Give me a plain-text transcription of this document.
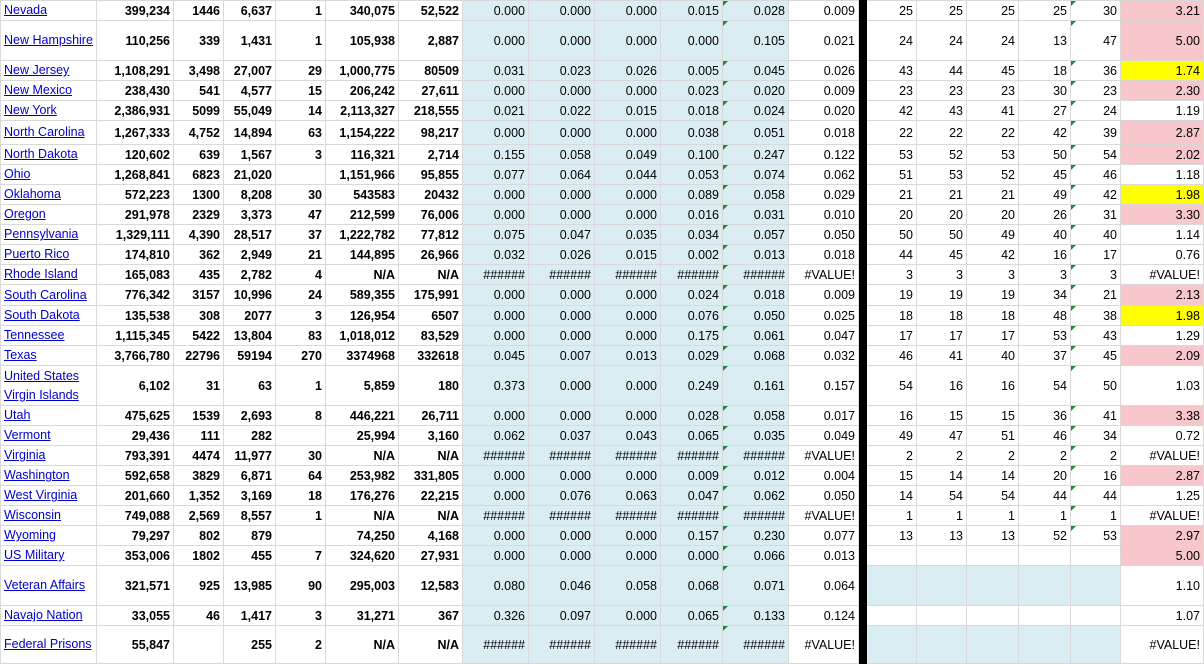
Nevada	399,234	1446	6,637	1	340,075	52,522	0.000	0.000	0.000	0.015	0.028	0.009		25	25	25	25	30	3.21
New Hampshire	110,256	339	1,431	1	105,938	2,887	0.000	0.000	0.000	0.000	0.105	0.021		24	24	24	13	47	5.00
New Jersey	1,108,291	3,498	27,007	29	1,000,775	80509	0.031	0.023	0.026	0.005	0.045	0.026		43	44	45	18	36	1.74
New Mexico	238,430	541	4,577	15	206,242	27,611	0.000	0.000	0.000	0.023	0.020	0.009		23	23	23	30	23	2.30
New York	2,386,931	5099	55,049	14	2,113,327	218,555	0.021	0.022	0.015	0.018	0.024	0.020		42	43	41	27	24	1.19
North Carolina	1,267,333	4,752	14,894	63	1,154,222	98,217	0.000	0.000	0.000	0.038	0.051	0.018		22	22	22	42	39	2.87
North Dakota	120,602	639	1,567	3	116,321	2,714	0.155	0.058	0.049	0.100	0.247	0.122		53	52	53	50	54	2.02
Ohio	1,268,841	6823	21,020		1,151,966	95,855	0.077	0.064	0.044	0.053	0.074	0.062		51	53	52	45	46	1.18
Oklahoma	572,223	1300	8,208	30	543583	20432	0.000	0.000	0.000	0.089	0.058	0.029		21	21	21	49	42	1.98
Oregon	291,978	2329	3,373	47	212,599	76,006	0.000	0.000	0.000	0.016	0.031	0.010		20	20	20	26	31	3.30
Pennsylvania	1,329,111	4,390	28,517	37	1,222,782	77,812	0.075	0.047	0.035	0.034	0.057	0.050		50	50	49	40	40	1.14
Puerto Rico	174,810	362	2,949	21	144,895	26,966	0.032	0.026	0.015	0.002	0.013	0.018		44	45	42	16	17	0.76
Rhode Island	165,083	435	2,782	4	N/A	N/A	######	######	######	######	######	#VALUE!		3	3	3	3	3	#VALUE!
South Carolina	776,342	3157	10,996	24	589,355	175,991	0.000	0.000	0.000	0.024	0.018	0.009		19	19	19	34	21	2.13
South Dakota	135,538	308	2077	3	126,954	6507	0.000	0.000	0.000	0.076	0.050	0.025		18	18	18	48	38	1.98
Tennessee	1,115,345	5422	13,804	83	1,018,012	83,529	0.000	0.000	0.000	0.175	0.061	0.047		17	17	17	53	43	1.29
Texas	3,766,780	22796	59194	270	3374968	332618	0.045	0.007	0.013	0.029	0.068	0.032		46	41	40	37	45	2.09
United States Virgin Islands	6,102	31	63	1	5,859	180	0.373	0.000	0.000	0.249	0.161	0.157		54	16	16	54	50	1.03
Utah	475,625	1539	2,693	8	446,221	26,711	0.000	0.000	0.000	0.028	0.058	0.017		16	15	15	36	41	3.38
Vermont	29,436	111	282		25,994	3,160	0.062	0.037	0.043	0.065	0.035	0.049		49	47	51	46	34	0.72
Virginia	793,391	4474	11,977	30	N/A	N/A	######	######	######	######	######	#VALUE!		2	2	2	2	2	#VALUE!
Washington	592,658	3829	6,871	64	253,982	331,805	0.000	0.000	0.000	0.009	0.012	0.004		15	14	14	20	16	2.87
West Virginia	201,660	1,352	3,169	18	176,276	22,215	0.000	0.076	0.063	0.047	0.062	0.050		14	54	54	44	44	1.25
Wisconsin	749,088	2,569	8,557	1	N/A	N/A	######	######	######	######	######	#VALUE!		1	1	1	1	1	#VALUE!
Wyoming	79,297	802	879		74,250	4,168	0.000	0.000	0.000	0.157	0.230	0.077		13	13	13	52	53	2.97
US Military	353,006	1802	455	7	324,620	27,931	0.000	0.000	0.000	0.000	0.066	0.013							5.00
Veteran Affairs	321,571	925	13,985	90	295,003	12,583	0.080	0.046	0.058	0.068	0.071	0.064							1.10
Navajo Nation	33,055	46	1,417	3	31,271	367	0.326	0.097	0.000	0.065	0.133	0.124							1.07
Federal Prisons	55,847		255	2	N/A	N/A	######	######	######	######	######	#VALUE!							#VALUE!
